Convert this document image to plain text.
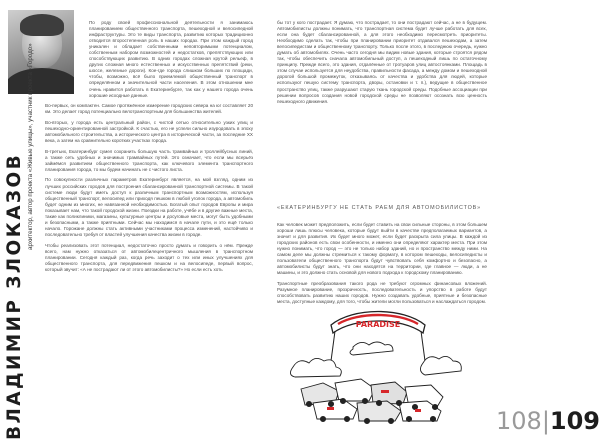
ВЛАДИМИР ЗЛОКАЗОВ
архитектор, автор проекта «Живые улицы», участник проекта «Городо»

По роду своей профессиональной деятельности я занимаюсь планированием общественного транспорта, пешеходной и велосипедной инфраструктуры. Это те виды транспорта, развитию которых традиционно отводится второстепенная роль в наших городах. При этом каждый город уникален и обладает собственными неповторимыми потенциалом, собственным набором возможностей и недостатков, препятствующих или способствующих развитию. В одних городах сложная крутой рельеф, в других сложная много естественных и искусственных препятствий (реки, шоссе, железные дороги). Кое-где города слишком больших по площади, чтобы, возможно, всё было приемлемой общественный транспорт в определённом и значительной части населения. В этом отношении мне очень нравится работать в Екатеринбурге, так как у нашего города очень хорошие исходные данные.

Во-первых, он компактен. Самое протяжённое измерение городских севера на юг составляет 20 км. Это делает город потенциально велотранспортным для большинства жителей.

Во-вторых, у города есть центральный район, с чистой сетью относительно узких улиц и пешеходно-ориентированной застройкой. К счастью, его не успели сильно изуродовать в эпоху автомобильного строительства, а исторического центра в исторической части, за последние XX века, а затем на сравнительно коротких участках города.

В-третьих, Екатеринбург сумел сохранить большую часть трамвайных и троллейбусных линий, а также сеть удобных и значимых трамвайных путей. Это означает, что если мы всерьёз займёмся развитием общественного транспорта, как ключевого элемента транспортного планирования города, то мы будем начинать не с чистого листа.

По совокупности различных параметров Екатеринбург является, на мой взгляд, одним из лучших российских городов для построения сбалансированной транспортной системы. В такой системе люди будут иметь доступ к различным транспортным возможностям, используя общественный транспорт, велосипед или приходя пешком в любой уголок города, а автомобиль будет одним из многих, не навязанной необходимостью. Богатый опыт городов Европы и мира показывает нам, что такой городской жизни. Поездки на работе, учёбе и в другие важные места, такие как поликлиники, магазины, культурные центры и досуговые места, могут быть удобными и безопасными, а также приятными. Сейчас мы находимся в начале пути, и это ещё только начало. Горожане должны стать активными участниками процесса изменений, настойчиво и последовательно требуя от властей улучшения качества жизни в городе.

Чтобы реализовать этот потенциал, недостаточно просто думать и говорить о нём. Прежде всего, нам нужно отказаться от автомобилецентричного мышления в транспортном планировании. Сегодня каждый раз, когда речь заходит о тех или иных улучшениях для общественного транспорта, для передвижения пешком и на велосипеде, первый вопрос, который звучит: «А не пострадают ли от этого автомобилисты?» Но если есть хоть

бы тот у кого пострадает. Я думаю, что пострадает, то они пострадают сейчас, а не в будущем. Автомобилисты должны понимать, что транспортная система будет лучше работать для всех, если она будет сбалансированной, а для этого необходимо пересмотреть приоритеты. Необходимо сделать так, чтобы при планировании приоритет отдавался пешеходам, а затем велосипедистам и общественному транспорту. Только после этого, в последнюю очередь, нужно думать об автомобилях. Очень часто сегодня мы видим новые здания, которые строятся рядом так, чтобы обеспечить сначала автомобильный доступ, а пешеходный лишь по остаточному принципу. Прежде всего, это здания, отдалённые от тротуаров улиц автостоянками. Площадь в этом случае используется для неудобства, правильности фасада, а между домом и пешеходной дорогой большой промежуток, отказываясь от качества и удобства для людей, которые используют пешую систему транспорта, дворы, остановки и т. п.), ведущие в общественное пространство улиц, также разрушают старую ткань городской среды. Подобные ассоциации при решении вопросов создания новой городской среды не позволяют осознать всю ценность пешеходного движения.

«ЕКАТЕРИНБУРГУ НЕ СТАТЬ РАЕМ ДЛЯ АВТОМОБИЛИСТОВ»

Как человек может предположить, если будет ставить на свои сильные стороны, в этом большем хороши лишь плюсы человека, которые будут выйти в качестве предполагаемых вариантов, а значит и для развития. Их будет много может, если будет раскрыта сила улицы. В каждой из городских районов есть свои особенности, и именно они определяют характер места. При этом нужно понимать, что город — это не только набор зданий, но и пространство между ними. На самом деле мы должны стремиться к такому формату, в котором пешеходы, велосипедисты и пользователи общественного транспорта будут чувствовать себя комфортно и безопасно, а автомобилисты будут знать, что они находятся на территории, где главное — люди, а не машины, и это должно стать основой для нового подхода к городскому планированию.

Транспортные преобразования такого рода не требуют огромных финансовых вложений. Разумное планирование, прозрачность, последовательность и упорство в работе будут способствовать развитию наших городов. Нужно создавать удобные, приятные и безопасные места, доступные каждому, для того, чтобы жители могли пользоваться и наслаждаться городом.

PARADISE
108|109
